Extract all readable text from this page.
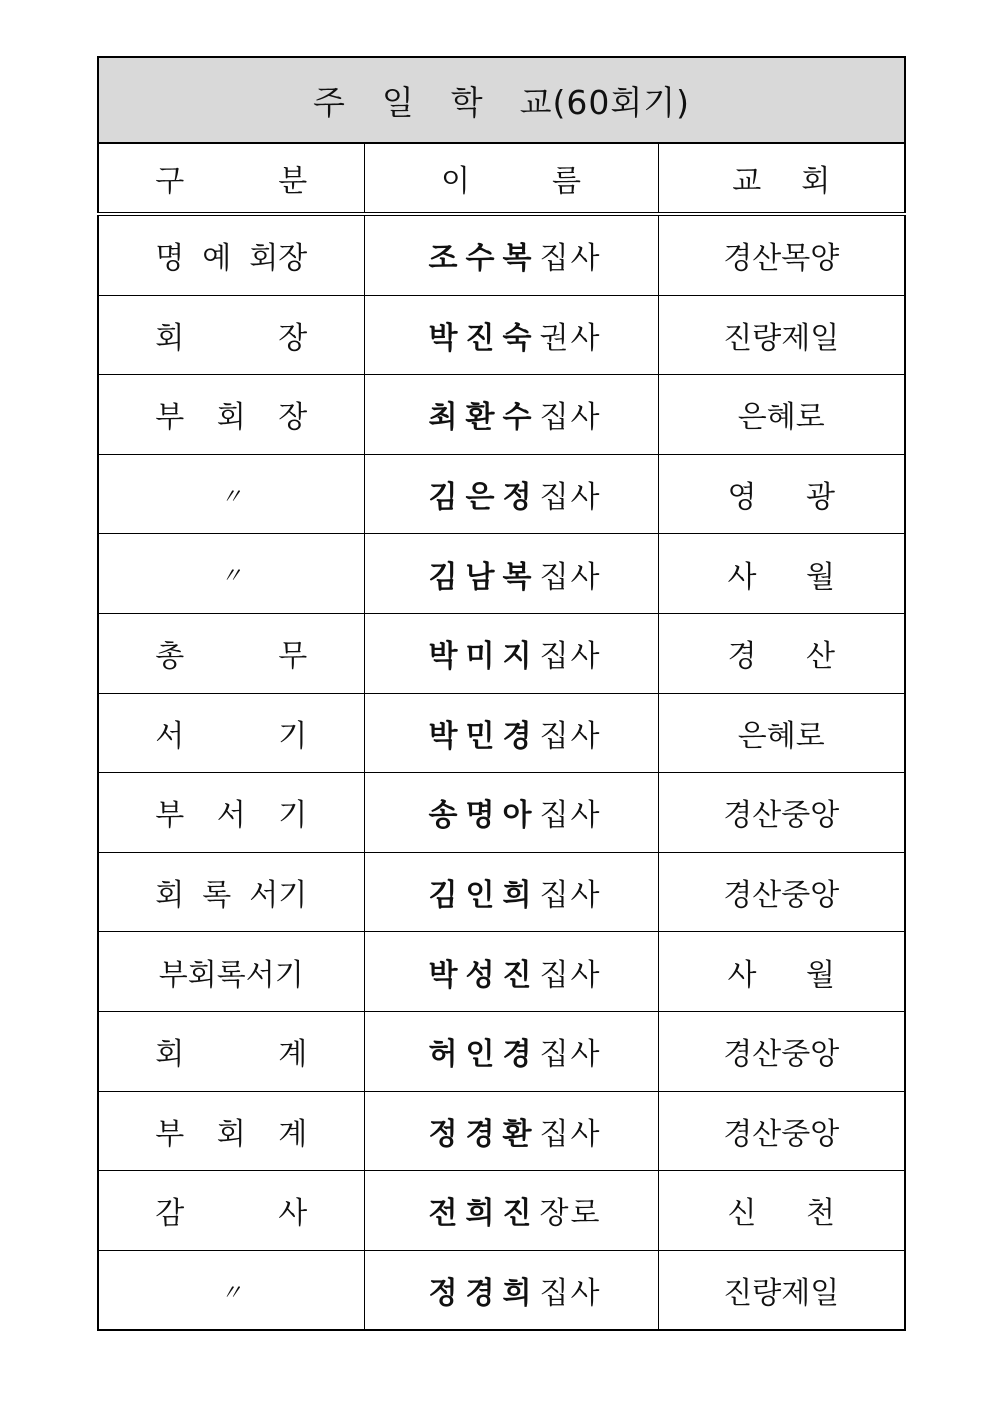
주 일 학 교(60회기)		

구 분	이 름	교 회

명 예 회장	조수복집사	경산목양

회 장	박진숙권사	진량제일

부 회 장	최환수집사	은혜로
〃	김은정집사	영 광
〃	김남복집사	사 월

총 무	박미지집사	경 산

서 기	박민경집사	은혜로

부 서 기	송명아집사	경산중앙

회 록 서기	김인희집사	경산중앙
부회록서기	박성진집사	사 월

회 계	허인경집사	경산중앙

부 회 계	정경환집사	경산중앙

감 사	전희진장로	신 천
〃	정경희집사	진량제일
